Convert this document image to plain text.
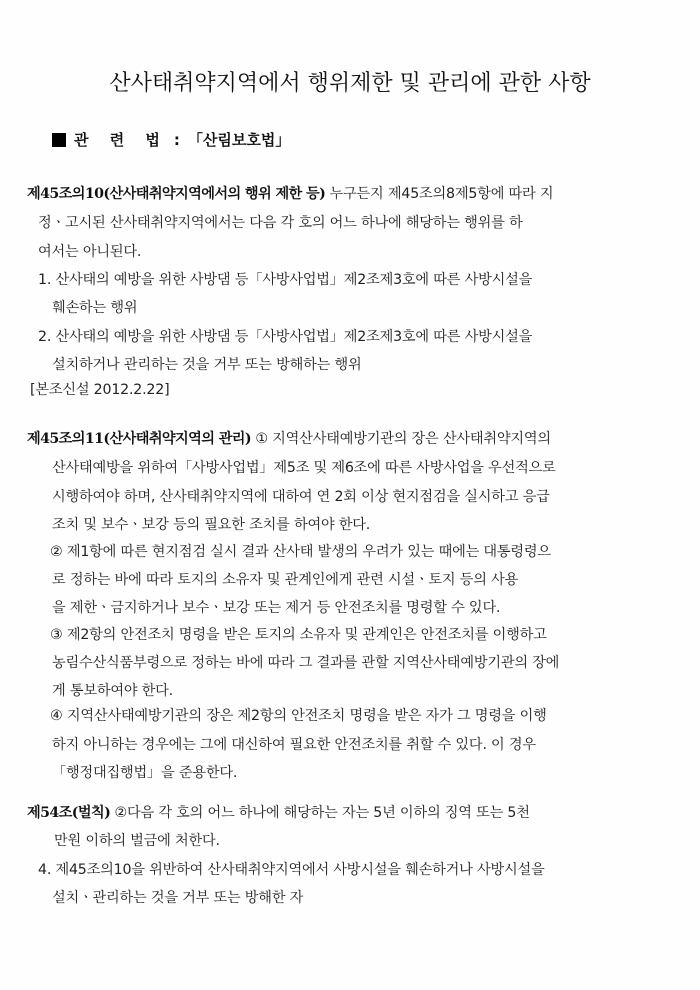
산사태취약지역에서 행위제한 및 관리에 관한 사항
관 련 법 : 「산림보호법」
제45조의10(산사태취약지역에서의 행위 제한 등) 누구든지 제45조의8제5항에 따라 지
정ㆍ고시된 산사태취약지역에서는 다음 각 호의 어느 하나에 해당하는 행위를 하
여서는 아니된다.
1. 산사태의 예방을 위한 사방댐 등「사방사업법」제2조제3호에 따른 사방시설을
훼손하는 행위
2. 산사태의 예방을 위한 사방댐 등「사방사업법」제2조제3호에 따른 사방시설을
설치하거나 관리하는 것을 거부 또는 방해하는 행위
[본조신설 2012.2.22]
제45조의11(산사태취약지역의 관리) ① 지역산사태예방기관의 장은 산사태취약지역의
산사태예방을 위하여「사방사업법」제5조 및 제6조에 따른 사방사업을 우선적으로
시행하여야 하며, 산사태취약지역에 대하여 연 2회 이상 현지점검을 실시하고 응급
조치 및 보수ㆍ보강 등의 필요한 조치를 하여야 한다.
② 제1항에 따른 현지점검 실시 결과 산사태 발생의 우려가 있는 때에는 대통령령으
로 정하는 바에 따라 토지의 소유자 및 관계인에게 관련 시설ㆍ토지 등의 사용
을 제한ㆍ금지하거나 보수ㆍ보강 또는 제거 등 안전조치를 명령할 수 있다.
③ 제2항의 안전조치 명령을 받은 토지의 소유자 및 관계인은 안전조치를 이행하고
농림수산식품부령으로 정하는 바에 따라 그 결과를 관할 지역산사태예방기관의 장에
게 통보하여야 한다.
④ 지역산사태예방기관의 장은 제2항의 안전조치 명령을 받은 자가 그 명령을 이행
하지 아니하는 경우에는 그에 대신하여 필요한 안전조치를 취할 수 있다. 이 경우
「행정대집행법」을 준용한다.
제54조(벌칙) ②다음 각 호의 어느 하나에 해당하는 자는 5년 이하의 징역 또는 5천
만원 이하의 벌금에 처한다.
4. 제45조의10을 위반하여 산사태취약지역에서 사방시설을 훼손하거나 사방시설을
설치ㆍ관리하는 것을 거부 또는 방해한 자
